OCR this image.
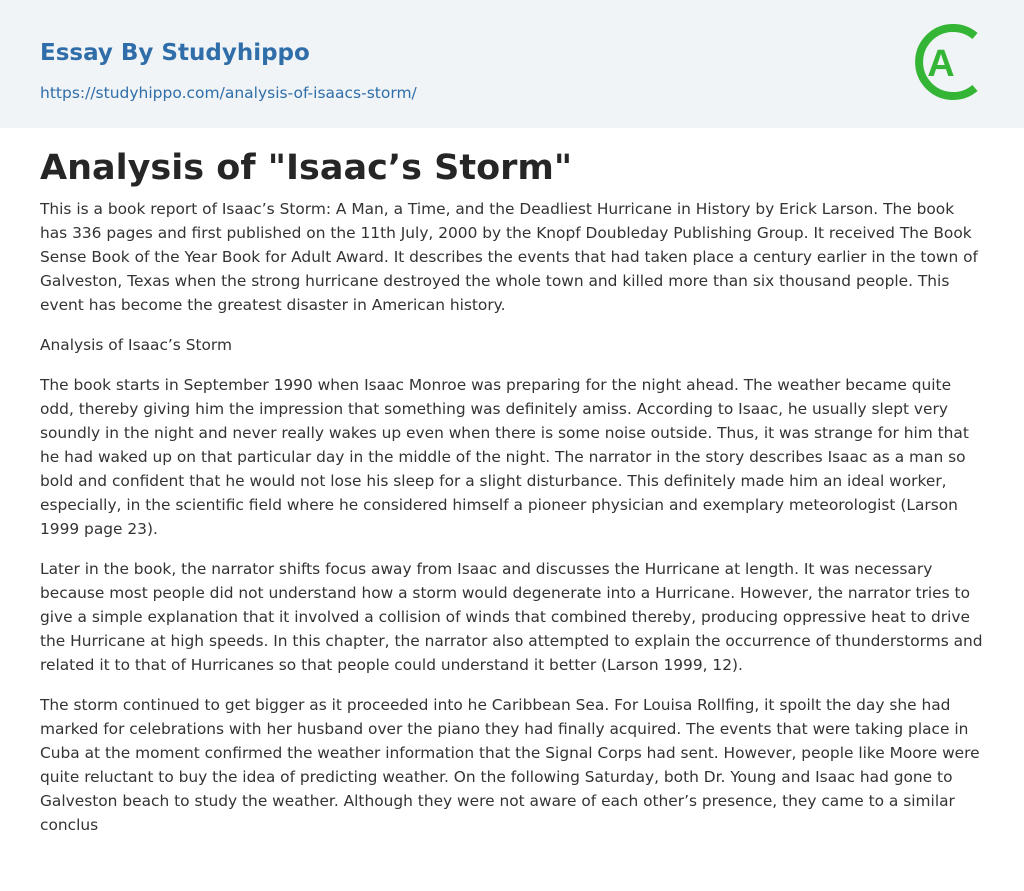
Essay By Studyhippo
https://studyhippo.com/analysis-of-isaacs-storm/
A
Analysis of "Isaac’s Storm"

This is a book report of Isaac’s Storm: A Man, a Time, and the Deadliest Hurricane in History by Erick Larson. The book has 336 pages and first published on the 11th July, 2000 by the Knopf Doubleday Publishing Group. It received The Book Sense Book of the Year Book for Adult Award. It describes the events that had taken place a century earlier in the town of Galveston, Texas when the strong hurricane destroyed the whole town and killed more than six thousand people. This event has become the greatest disaster in American history.

Analysis of Isaac’s Storm

The book starts in September 1990 when Isaac Monroe was preparing for the night ahead. The weather became quite odd, thereby giving him the impression that something was definitely amiss. According to Isaac, he usually slept very soundly in the night and never really wakes up even when there is some noise outside. Thus, it was strange for him that he had waked up on that particular day in the middle of the night. The narrator in the story describes Isaac as a man so bold and confident that he would not lose his sleep for a slight disturbance. This definitely made him an ideal worker, especially, in the scientific field where he considered himself a pioneer physician and exemplary meteorologist (Larson 1999 page 23).

Later in the book, the narrator shifts focus away from Isaac and discusses the Hurricane at length. It was necessary because most people did not understand how a storm would degenerate into a Hurricane. However, the narrator tries to give a simple explanation that it involved a collision of winds that combined thereby, producing oppressive heat to drive the Hurricane at high speeds. In this chapter, the narrator also attempted to explain the occurrence of thunderstorms and related it to that of Hurricanes so that people could understand it better (Larson 1999, 12).

The storm continued to get bigger as it proceeded into he Caribbean Sea. For Louisa Rollfing, it spoilt the day she had marked for celebrations with her husband over the piano they had finally acquired. The events that were taking place in Cuba at the moment confirmed the weather information that the Signal Corps had sent. However, people like Moore were quite reluctant to buy the idea of predicting weather. On the following Saturday, both Dr. Young and Isaac had gone to Galveston beach to study the weather. Although they were not aware of each other’s presence, they came to a similar conclus
